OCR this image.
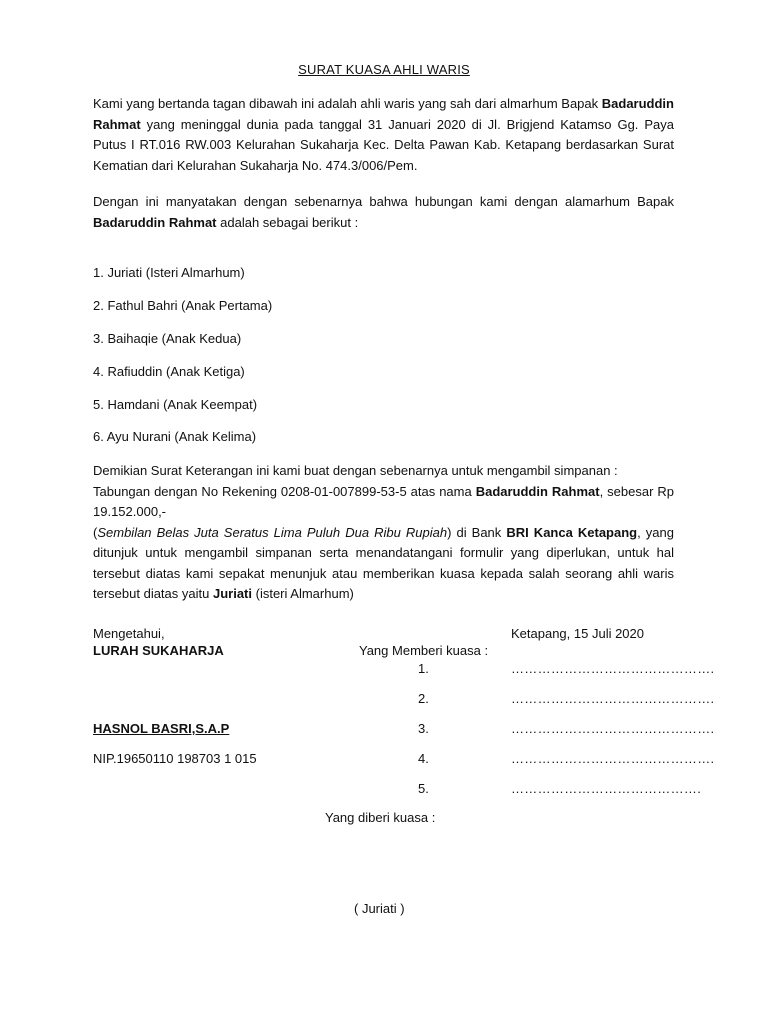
SURAT KUASA AHLI WARIS
Kami yang bertanda tagan dibawah ini adalah ahli waris yang sah dari almarhum Bapak Badaruddin Rahmat yang meninggal dunia pada tanggal 31 Januari 2020 di Jl. Brigjend Katamso Gg. Paya Putus I RT.016 RW.003 Kelurahan Sukaharja Kec. Delta Pawan Kab. Ketapang berdasarkan Surat Kematian dari Kelurahan Sukaharja No. 474.3/006/Pem.
Dengan ini manyatakan dengan sebenarnya bahwa hubungan kami dengan alamarhum Bapak Badaruddin Rahmat adalah sebagai berikut :
1. Juriati (Isteri Almarhum)
2. Fathul Bahri (Anak Pertama)
3. Baihaqie (Anak Kedua)
4. Rafiuddin (Anak Ketiga)
5. Hamdani (Anak Keempat)
6. Ayu Nurani (Anak Kelima)
Demikian Surat Keterangan ini kami buat dengan sebenarnya untuk mengambil simpanan :
Tabungan dengan No Rekening 0208-01-007899-53-5 atas nama Badaruddin Rahmat, sebesar Rp 19.152.000,-
(Sembilan Belas Juta Seratus Lima Puluh Dua Ribu Rupiah) di Bank BRI Kanca Ketapang, yang ditunjuk untuk mengambil simpanan serta menandatangani formulir yang diperlukan, untuk hal tersebut diatas kami sepakat menunjuk atau memberikan kuasa kepada salah seorang ahli waris tersebut diatas yaitu Juriati (isteri Almarhum)
Mengetahui,
LURAH SUKAHARJA
Ketapang, 15 Juli 2020
Yang Memberi kuasa :
1.	……………………………………….
2.	……………………………………….
HASNOL BASRI,S.A.P	3.	……………………………………….
NIP.19650110 198703 1 015	4.	……………………………………….
5.	…………………………………….
Yang diberi kuasa :
( Juriati )
